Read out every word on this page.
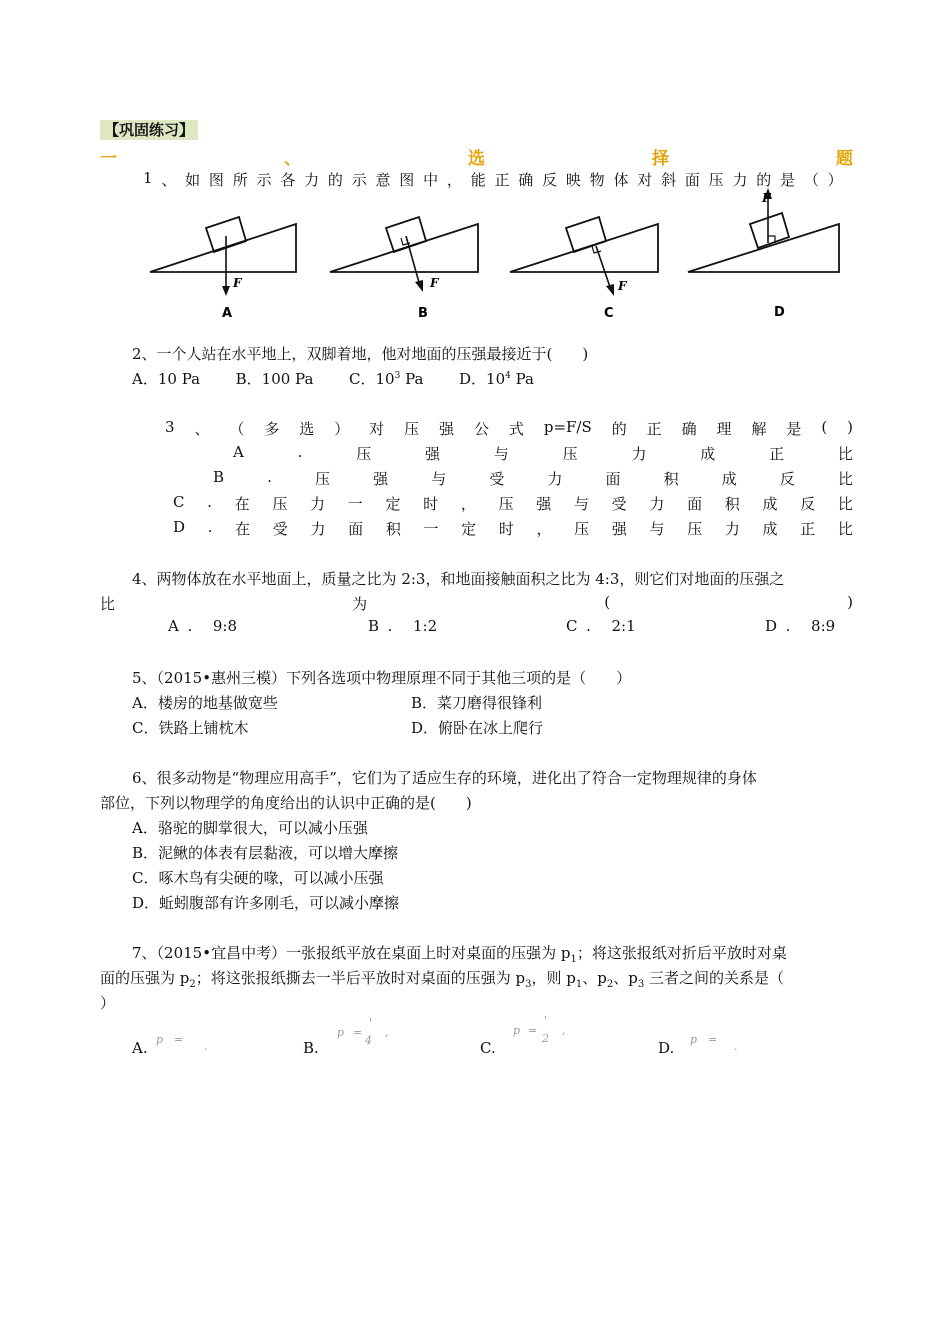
【巩固练习】
一	、	选	择	题
1 、 如 图 所 示 各 力 的 示 意 图 中 ， 能 正 确 反 映 物 体 对 斜 面 压 力 的 是 （ ）
F
A
F
B
F
C
F
D
2、一个人站在水平地上，双脚着地，他对地面的压强最接近于(　　)
A．10 Pa B．100 Pa C．$10^3$ Pa D．$10^4$ Pa
3 、 （ 多 选 ） 对 压 强 公 式 p=F/S 的 正 确 理 解 是 ( )
A	.	压	强	与	压	力	成	正	比
B	.	压	强	与	受	力	面	积	成	反	比
C . 在 压 力 一 定 时 ， 压 强 与 受 力 面 积 成 反 比
D . 在 受 力 面 积 一 定 时 ， 压 强 与 压 力 成 正 比
4、两物体放在水平地面上，质量之比为 2:3，和地面接触面积之比为 4:3，则它们对地面的压强之
比	为	(	)
A . 9:8	B . 1:2	C . 2:1	D . 8:9
5、（2015•惠州三模）下列各选项中物理原理不同于其他三项的是（　　）
A．楼房的地基做宽些	B．菜刀磨得很锋利
C．铁路上铺枕木	D．俯卧在冰上爬行
6、很多动物是“物理应用高手”，它们为了适应生存的环境，进化出了符合一定物理规律的身体
部位，下列以物理学的角度给出的认识中正确的是(　　)
A．骆驼的脚掌很大，可以减小压强
B．泥鳅的体表有层黏液，可以增大摩擦
C．啄木鸟有尖硬的喙，可以减小压强
D．蚯蚓腹部有许多刚毛，可以减小摩擦
7、（2015•宜昌中考）一张报纸平放在桌面上时对桌面的压强为 $p_1$；将这张报纸对折后平放时对桌
面的压强为 $p_2$；将这张报纸撕去一半后平放时对桌面的压强为 $p_3$，则 $p_1$、$p_2$、$p_3$ 三者之间的关系是（
）
A. p =
.	B.
p =
'
4
,
C.
p =
'
2
,
D. p =
.
